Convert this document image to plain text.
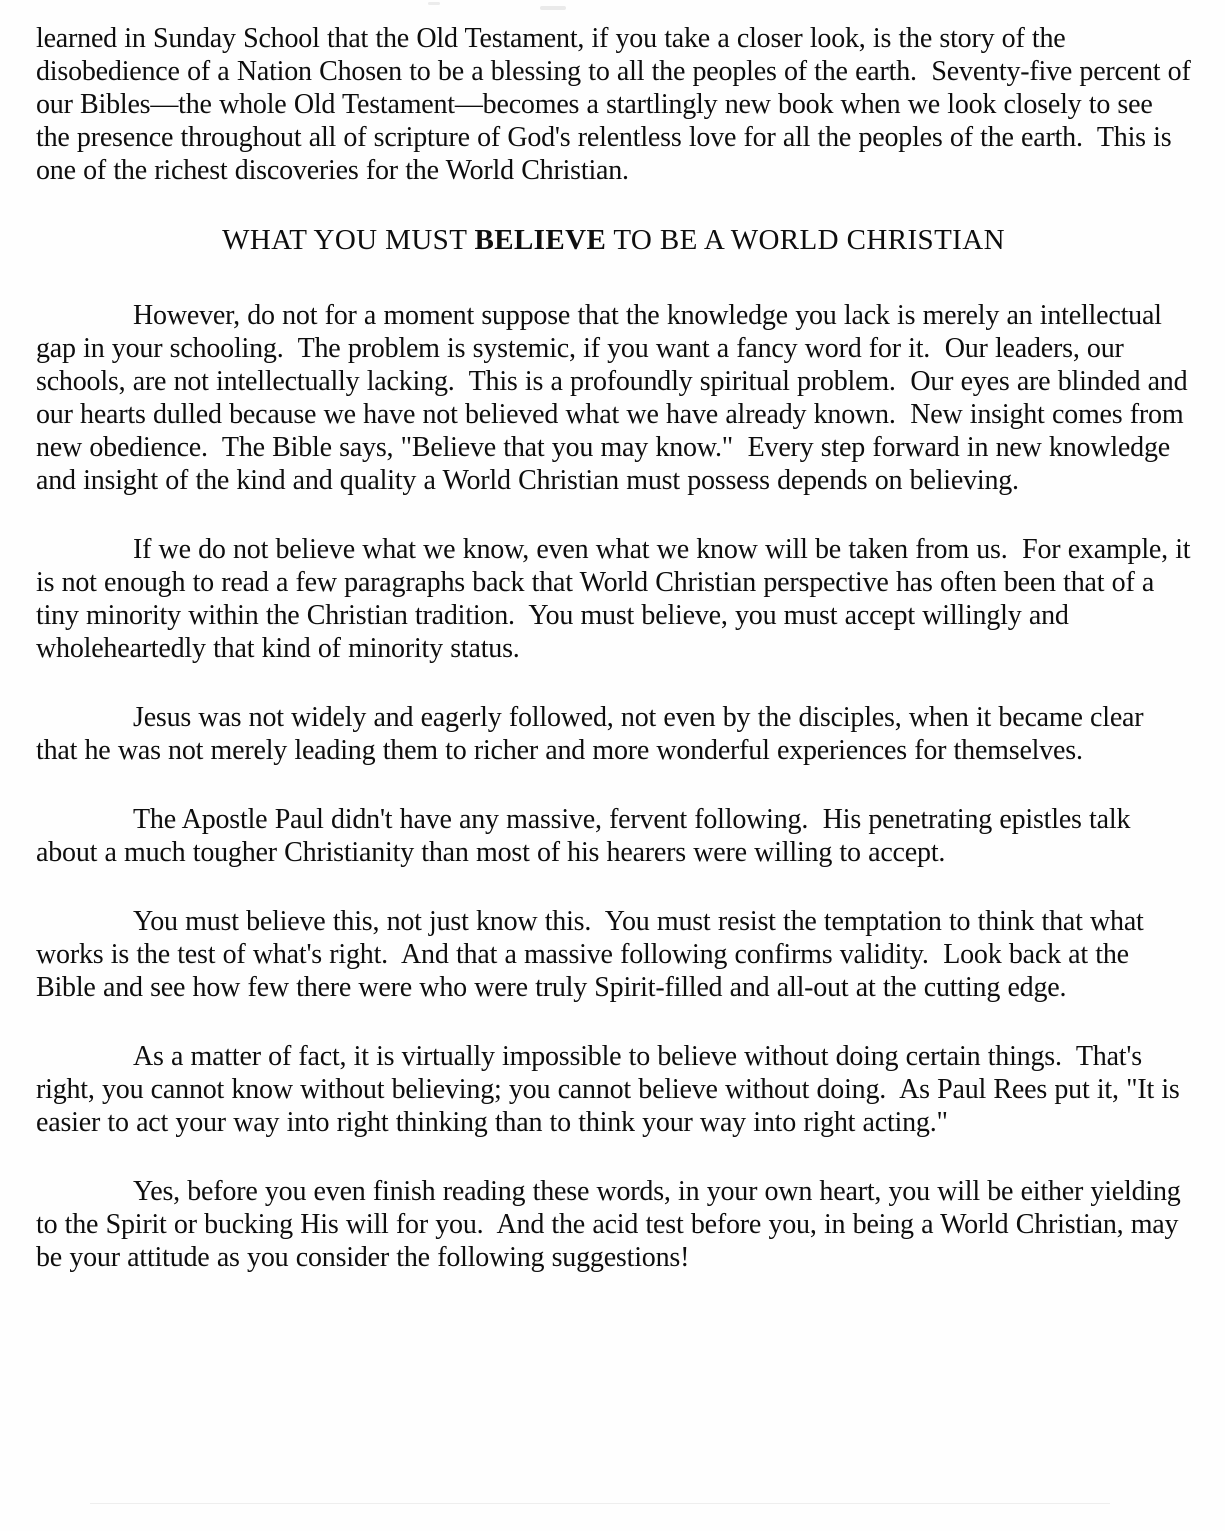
learned in Sunday School that the Old Testament, if you take a closer look, is the story of the disobedience of a Nation Chosen to be a blessing to all the peoples of the earth.  Seventy-five percent of our Bibles—the whole Old Testament—becomes a startlingly new book when we look closely to see the presence throughout all of scripture of God's relentless love for all the peoples of the earth.  This is one of the richest discoveries for the World Christian.

WHAT YOU MUST BELIEVE TO BE A WORLD CHRISTIAN

However, do not for a moment suppose that the knowledge you lack is merely an intellectual gap in your schooling.  The problem is systemic, if you want a fancy word for it.  Our leaders, our schools, are not intellectually lacking.  This is a profoundly spiritual problem.  Our eyes are blinded and our hearts dulled because we have not believed what we have already known.  New insight comes from new obedience.  The Bible says, "Believe that you may know."  Every step forward in new knowledge and insight of the kind and quality a World Christian must possess depends on believing.

If we do not believe what we know, even what we know will be taken from us.  For example, it is not enough to read a few paragraphs back that World Christian perspective has often been that of a tiny minority within the Christian tradition.  You must believe, you must accept willingly and wholeheartedly that kind of minority status.

Jesus was not widely and eagerly followed, not even by the disciples, when it became clear that he was not merely leading them to richer and more wonderful experiences for themselves.

The Apostle Paul didn't have any massive, fervent following.  His penetrating epistles talk about a much tougher Christianity than most of his hearers were willing to accept.

You must believe this, not just know this.  You must resist the temptation to think that what works is the test of what's right.  And that a massive following confirms validity.  Look back at the Bible and see how few there were who were truly Spirit-filled and all-out at the cutting edge.

As a matter of fact, it is virtually impossible to believe without doing certain things.  That's right, you cannot know without believing; you cannot believe without doing.  As Paul Rees put it, "It is easier to act your way into right thinking than to think your way into right acting."

Yes, before you even finish reading these words, in your own heart, you will be either yielding to the Spirit or bucking His will for you.  And the acid test before you, in being a World Christian, may be your attitude as you consider the following suggestions!
